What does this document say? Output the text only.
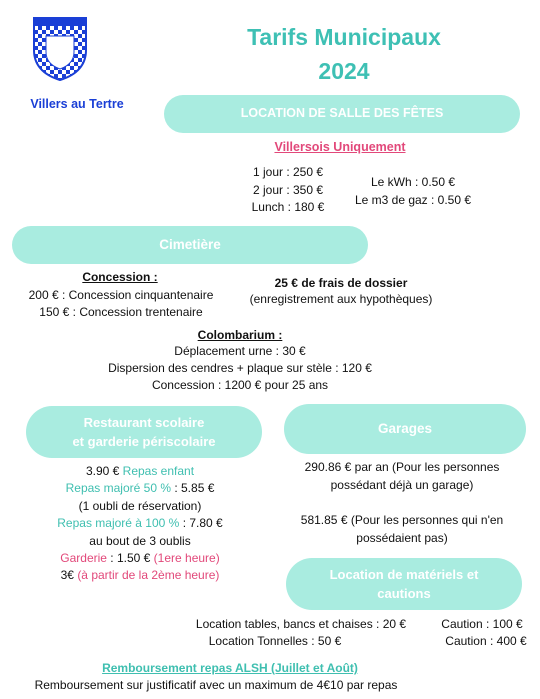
Villers au Tertre
Tarifs Municipaux
2024
LOCATION DE SALLE DES FÊTES
Villersois Uniquement
1 jour : 250 €
2 jour : 350 €
Lunch : 180 €
Le kWh : 0.50 €
Le m3 de gaz : 0.50 €
Cimetière
Concession :
200 € : Concession cinquantenaire
150 € : Concession trentenaire
25 € de frais de dossier
(enregistrement aux hypothèques)
Colombarium :
Déplacement urne : 30 €
Dispersion des cendres + plaque sur stèle : 120 €
Concession : 1200 € pour 25 ans
Restaurant scolaire
et garderie périscolaire
3.90 € Repas enfant
Repas majoré 50 % : 5.85 €
(1 oubli de réservation)
Repas majoré à 100 % : 7.80 €
au bout de 3 oublis
Garderie : 1.50 € (1ere heure)
3€ (à partir de la 2ème heure)
Garages
290.86 € par an (Pour les personnes
possédant déjà un garage)
581.85 € (Pour les personnes qui n'en
possédaient pas)
Location de matériels et
cautions
Location tables, bancs et chaises : 20 €
Location Tonnelles : 50 €
Caution : 100 €
Caution : 400 €
Remboursement repas ALSH (Juillet et Août)
Remboursement sur justificatif avec un maximum de 4€10 par repas
